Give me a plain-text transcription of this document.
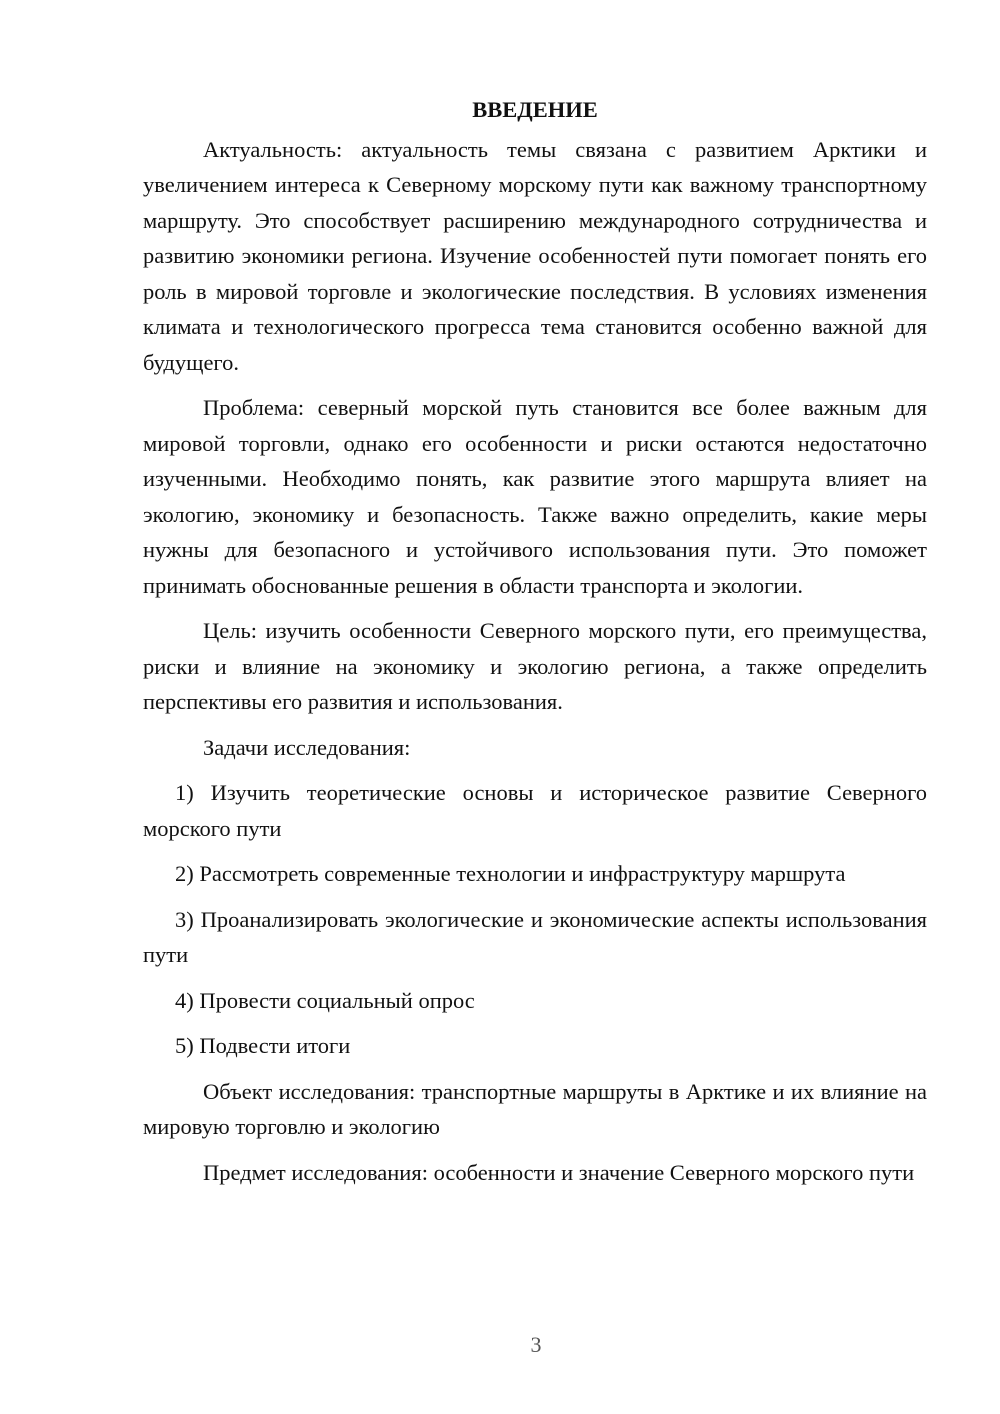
ВВЕДЕНИЕ

Актуальность: актуальность темы связана с развитием Арктики и увеличением интереса к Северному морскому пути как важному транспортному маршруту. Это способствует расширению международного сотрудничества и развитию экономики региона. Изучение особенностей пути помогает понять его роль в мировой торговле и экологические последствия. В условиях изменения климата и технологического прогресса тема становится особенно важной для будущего.

Проблема: северный морской путь становится все более важным для мировой торговли, однако его особенности и риски остаются недостаточно изученными. Необходимо понять, как развитие этого маршрута влияет на экологию, экономику и безопасность. Также важно определить, какие меры нужны для безопасного и устойчивого использования пути. Это поможет принимать обоснованные решения в области транспорта и экологии.

Цель: изучить особенности Северного морского пути, его преимущества, риски и влияние на экономику и экологию региона, а также определить перспективы его развития и использования.

Задачи исследования:

1) Изучить теоретические основы и историческое развитие Северного морского пути

2) Рассмотреть современные технологии и инфраструктуру маршрута

3) Проанализировать экологические и экономические аспекты использования пути

4) Провести социальный опрос

5) Подвести итоги

Объект исследования: транспортные маршруты в Арктике и их влияние на мировую торговлю и экологию

Предмет исследования: особенности и значение Северного морского пути

3
